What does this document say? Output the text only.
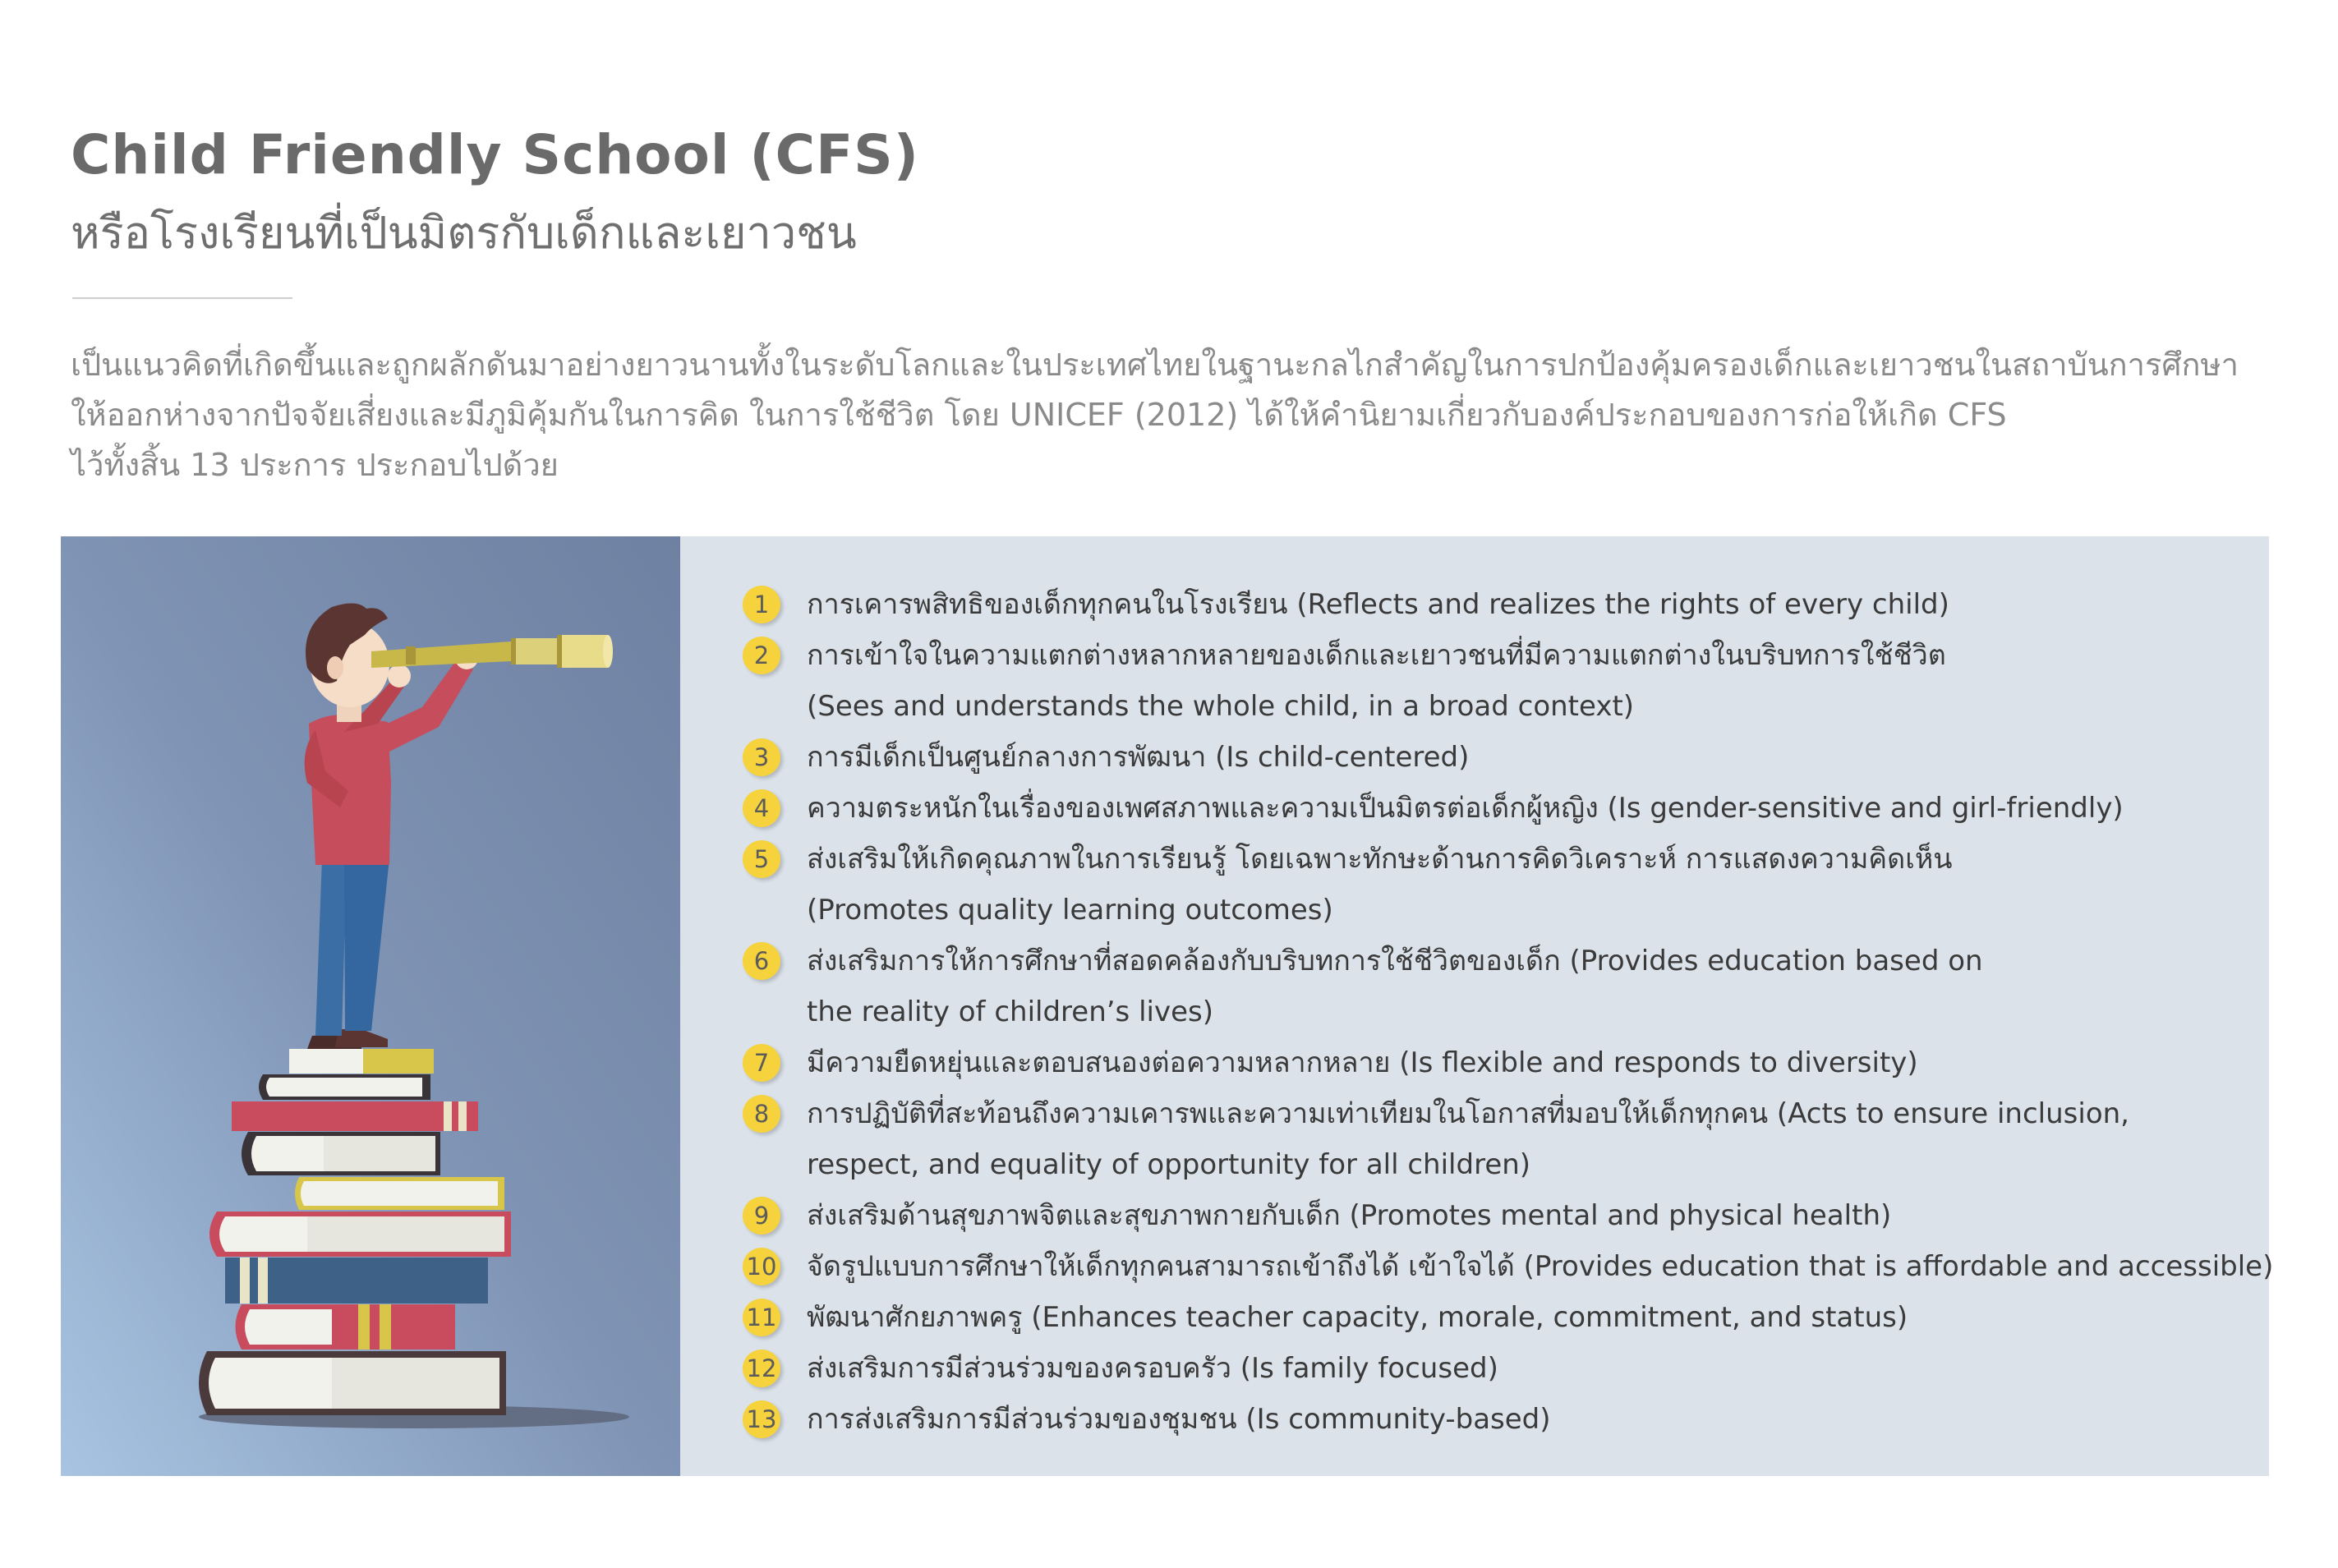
Child Friendly School (CFS)
หรือโรงเรียนที่เป็นมิตรกับเด็กและเยาวชน

เป็นแนวคิดที่เกิดขึ้นและถูกผลักดันมาอย่างยาวนานทั้งในระดับโลกและในประเทศไทยในฐานะกลไกสำคัญในการปกป้องคุ้มครองเด็กและเยาวชนในสถาบันการศึกษา

ให้ออกห่างจากปัจจัยเสี่ยงและมีภูมิคุ้มกันในการคิด ในการใช้ชีวิต โดย UNICEF (2012) ได้ให้คำนิยามเกี่ยวกับองค์ประกอบของการก่อให้เกิด CFS

ไว้ทั้งสิ้น 13 ประการ ประกอบไปด้วย

1	การเคารพสิทธิของเด็กทุกคนในโรงเรียน (Reflects and realizes the rights of every child)
2	การเข้าใจในความแตกต่างหลากหลายของเด็กและเยาวชนที่มีความแตกต่างในบริบทการใช้ชีวิต
(Sees and understands the whole child, in a broad context)
3	การมีเด็กเป็นศูนย์กลางการพัฒนา (Is child-centered)
4	ความตระหนักในเรื่องของเพศสภาพและความเป็นมิตรต่อเด็กผู้หญิง (Is gender-sensitive and girl-friendly)
5	ส่งเสริมให้เกิดคุณภาพในการเรียนรู้ โดยเฉพาะทักษะด้านการคิดวิเคราะห์ การแสดงความคิดเห็น
(Promotes quality learning outcomes)
6	ส่งเสริมการให้การศึกษาที่สอดคล้องกับบริบทการใช้ชีวิตของเด็ก (Provides education based on
the reality of children’s lives)
7	มีความยืดหยุ่นและตอบสนองต่อความหลากหลาย (Is flexible and responds to diversity)
8	การปฏิบัติที่สะท้อนถึงความเคารพและความเท่าเทียมในโอกาสที่มอบให้เด็กทุกคน (Acts to ensure inclusion,
respect, and equality of opportunity for all children)
9	ส่งเสริมด้านสุขภาพจิตและสุขภาพกายกับเด็ก (Promotes mental and physical health)
10 จัดรูปแบบการศึกษาให้เด็กทุกคนสามารถเข้าถึงได้ เข้าใจได้ (Provides education that is affordable and accessible)
11 พัฒนาศักยภาพครู (Enhances teacher capacity, morale, commitment, and status)
12 ส่งเสริมการมีส่วนร่วมของครอบครัว (Is family focused)
13 การส่งเสริมการมีส่วนร่วมของชุมชน (Is community-based)
